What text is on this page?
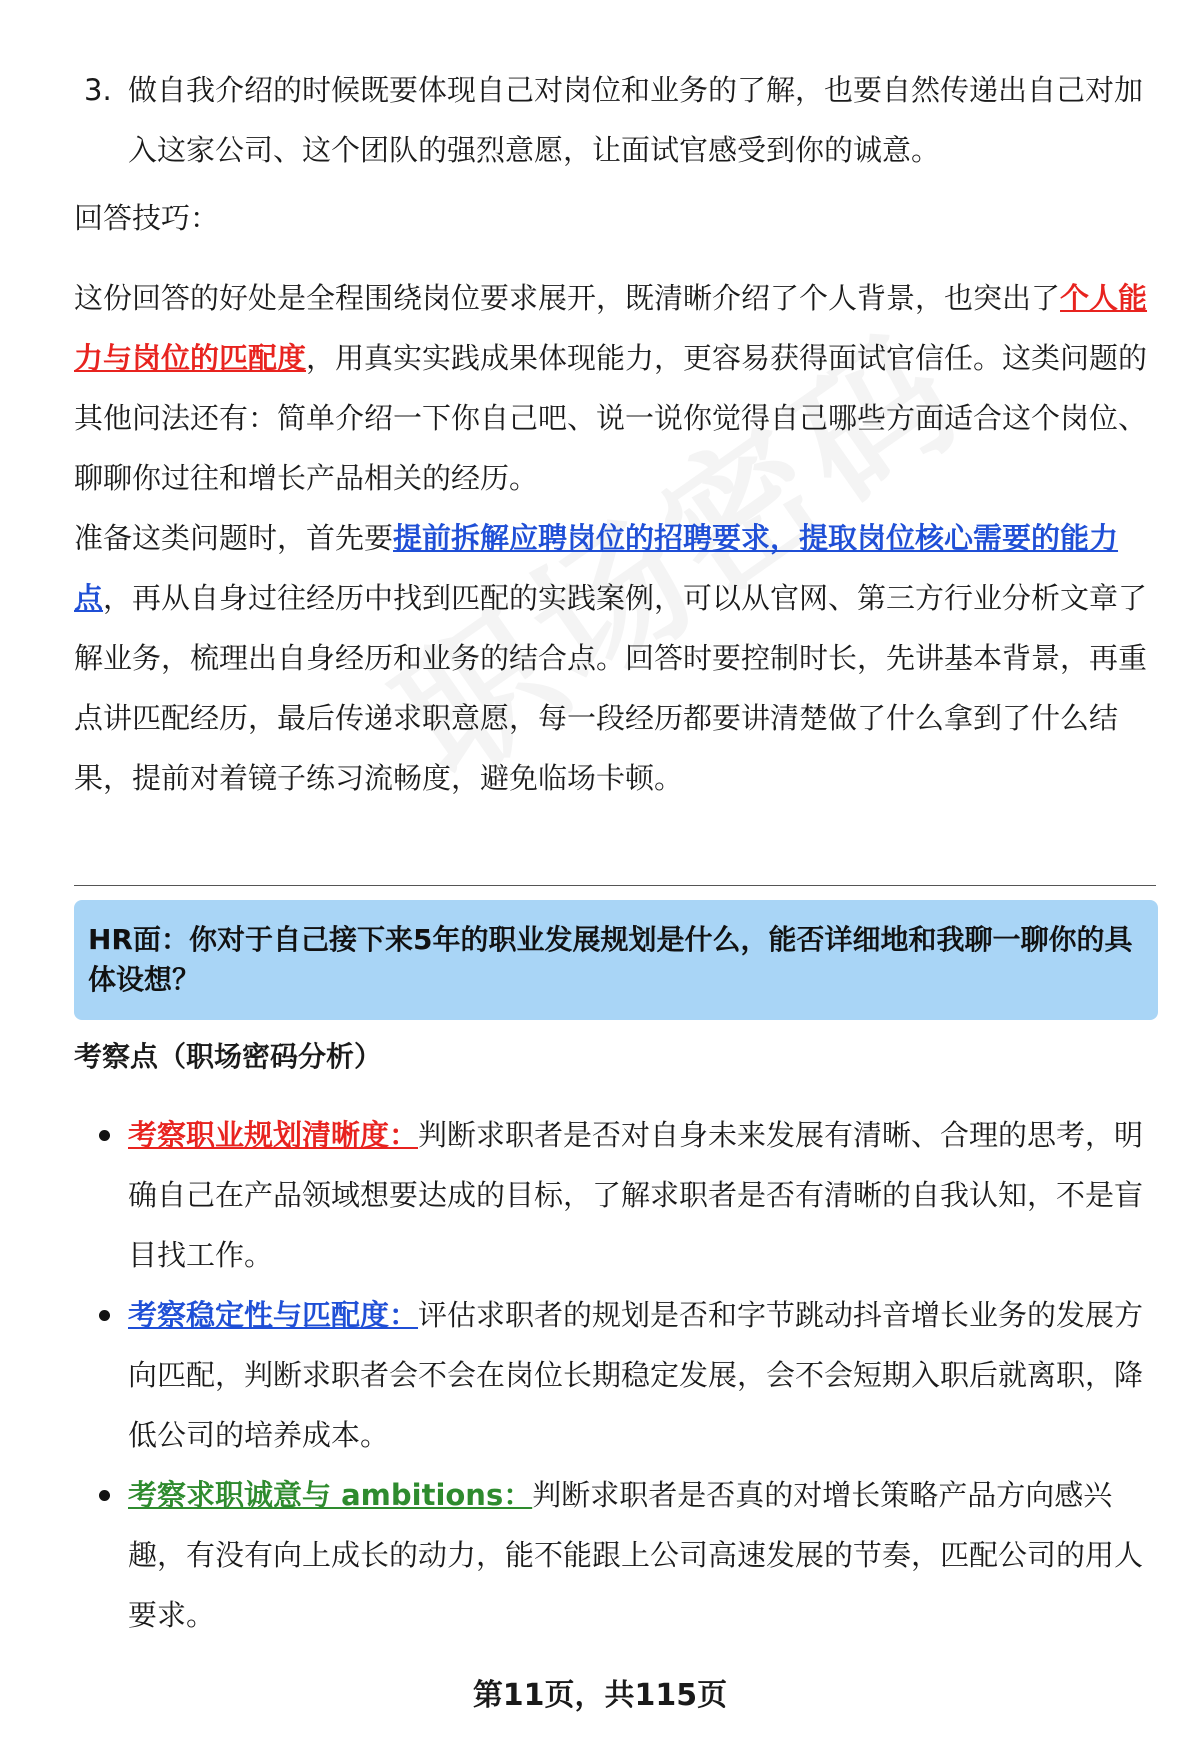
3. 做自我介绍的时候既要体现自己对岗位和业务的了解，也要自然传递出自己对加入这家公司、这个团队的强烈意愿，让面试官感受到你的诚意。
回答技巧：
这份回答的好处是全程围绕岗位要求展开，既清晰介绍了个人背景，也突出了个人能力与岗位的匹配度，用真实实践成果体现能力，更容易获得面试官信任。这类问题的其他问法还有：简单介绍一下你自己吧、说一说你觉得自己哪些方面适合这个岗位、聊聊你过往和增长产品相关的经历。
准备这类问题时，首先要提前拆解应聘岗位的招聘要求，提取岗位核心需要的能力点，再从自身过往经历中找到匹配的实践案例，可以从官网、第三方行业分析文章了解业务，梳理出自身经历和业务的结合点。回答时要控制时长，先讲基本背景，再重点讲匹配经历，最后传递求职意愿，每一段经历都要讲清楚做了什么拿到了什么结果，提前对着镜子练习流畅度，避免临场卡顿。
HR面：你对于自己接下来5年的职业发展规划是什么，能否详细地和我聊一聊你的具体设想？
考察点（职场密码分析）
考察职业规划清晰度：判断求职者是否对自身未来发展有清晰、合理的思考，明确自己在产品领域想要达成的目标，了解求职者是否有清晰的自我认知，不是盲目找工作。
考察稳定性与匹配度：评估求职者的规划是否和字节跳动抖音增长业务的发展方向匹配，判断求职者会不会在岗位长期稳定发展，会不会短期入职后就离职，降低公司的培养成本。
考察求职诚意与 ambitions：判断求职者是否真的对增长策略产品方向感兴趣，有没有向上成长的动力，能不能跟上公司高速发展的节奏，匹配公司的用人要求。
第11页，共115页
